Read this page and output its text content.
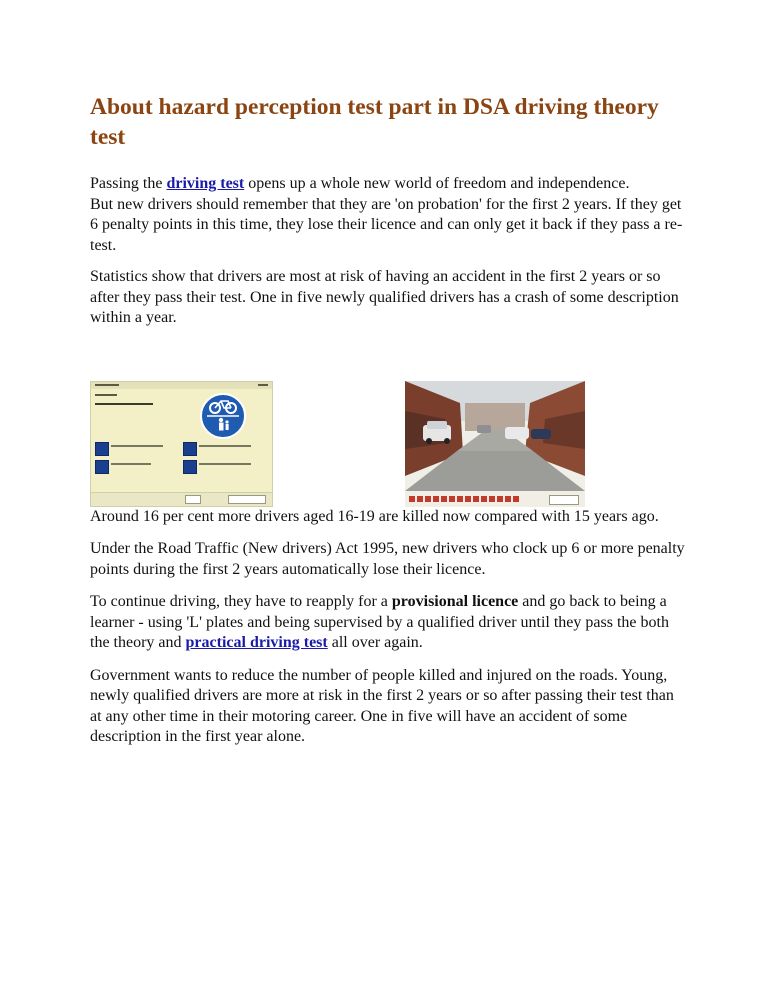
About hazard perception test part in DSA driving theory test

Passing the driving test opens up a whole new world of freedom and independence.
But new drivers should remember that they are 'on probation' for the first 2 years. If they get 6 penalty points in this time, they lose their licence and can only get it back if they pass a re-test.

Statistics show that drivers are most at risk of having an accident in the first 2 years or so after they pass their test. One in five newly qualified drivers has a crash of some description within a year.

Around 16 per cent more drivers aged 16-19 are killed now compared with 15 years ago.

Under the Road Traffic (New drivers) Act 1995, new drivers who clock up 6 or more penalty points during the first 2 years automatically lose their licence.

To continue driving, they have to reapply for a provisional licence and go back to being a learner - using 'L' plates and being supervised by a qualified driver until they pass the both the theory and practical driving test all over again.

Government wants to reduce the number of people killed and injured on the roads. Young, newly qualified drivers are more at risk in the first 2 years or so after passing their test than at any other time in their motoring career. One in five will have an accident of some description in the first year alone.
